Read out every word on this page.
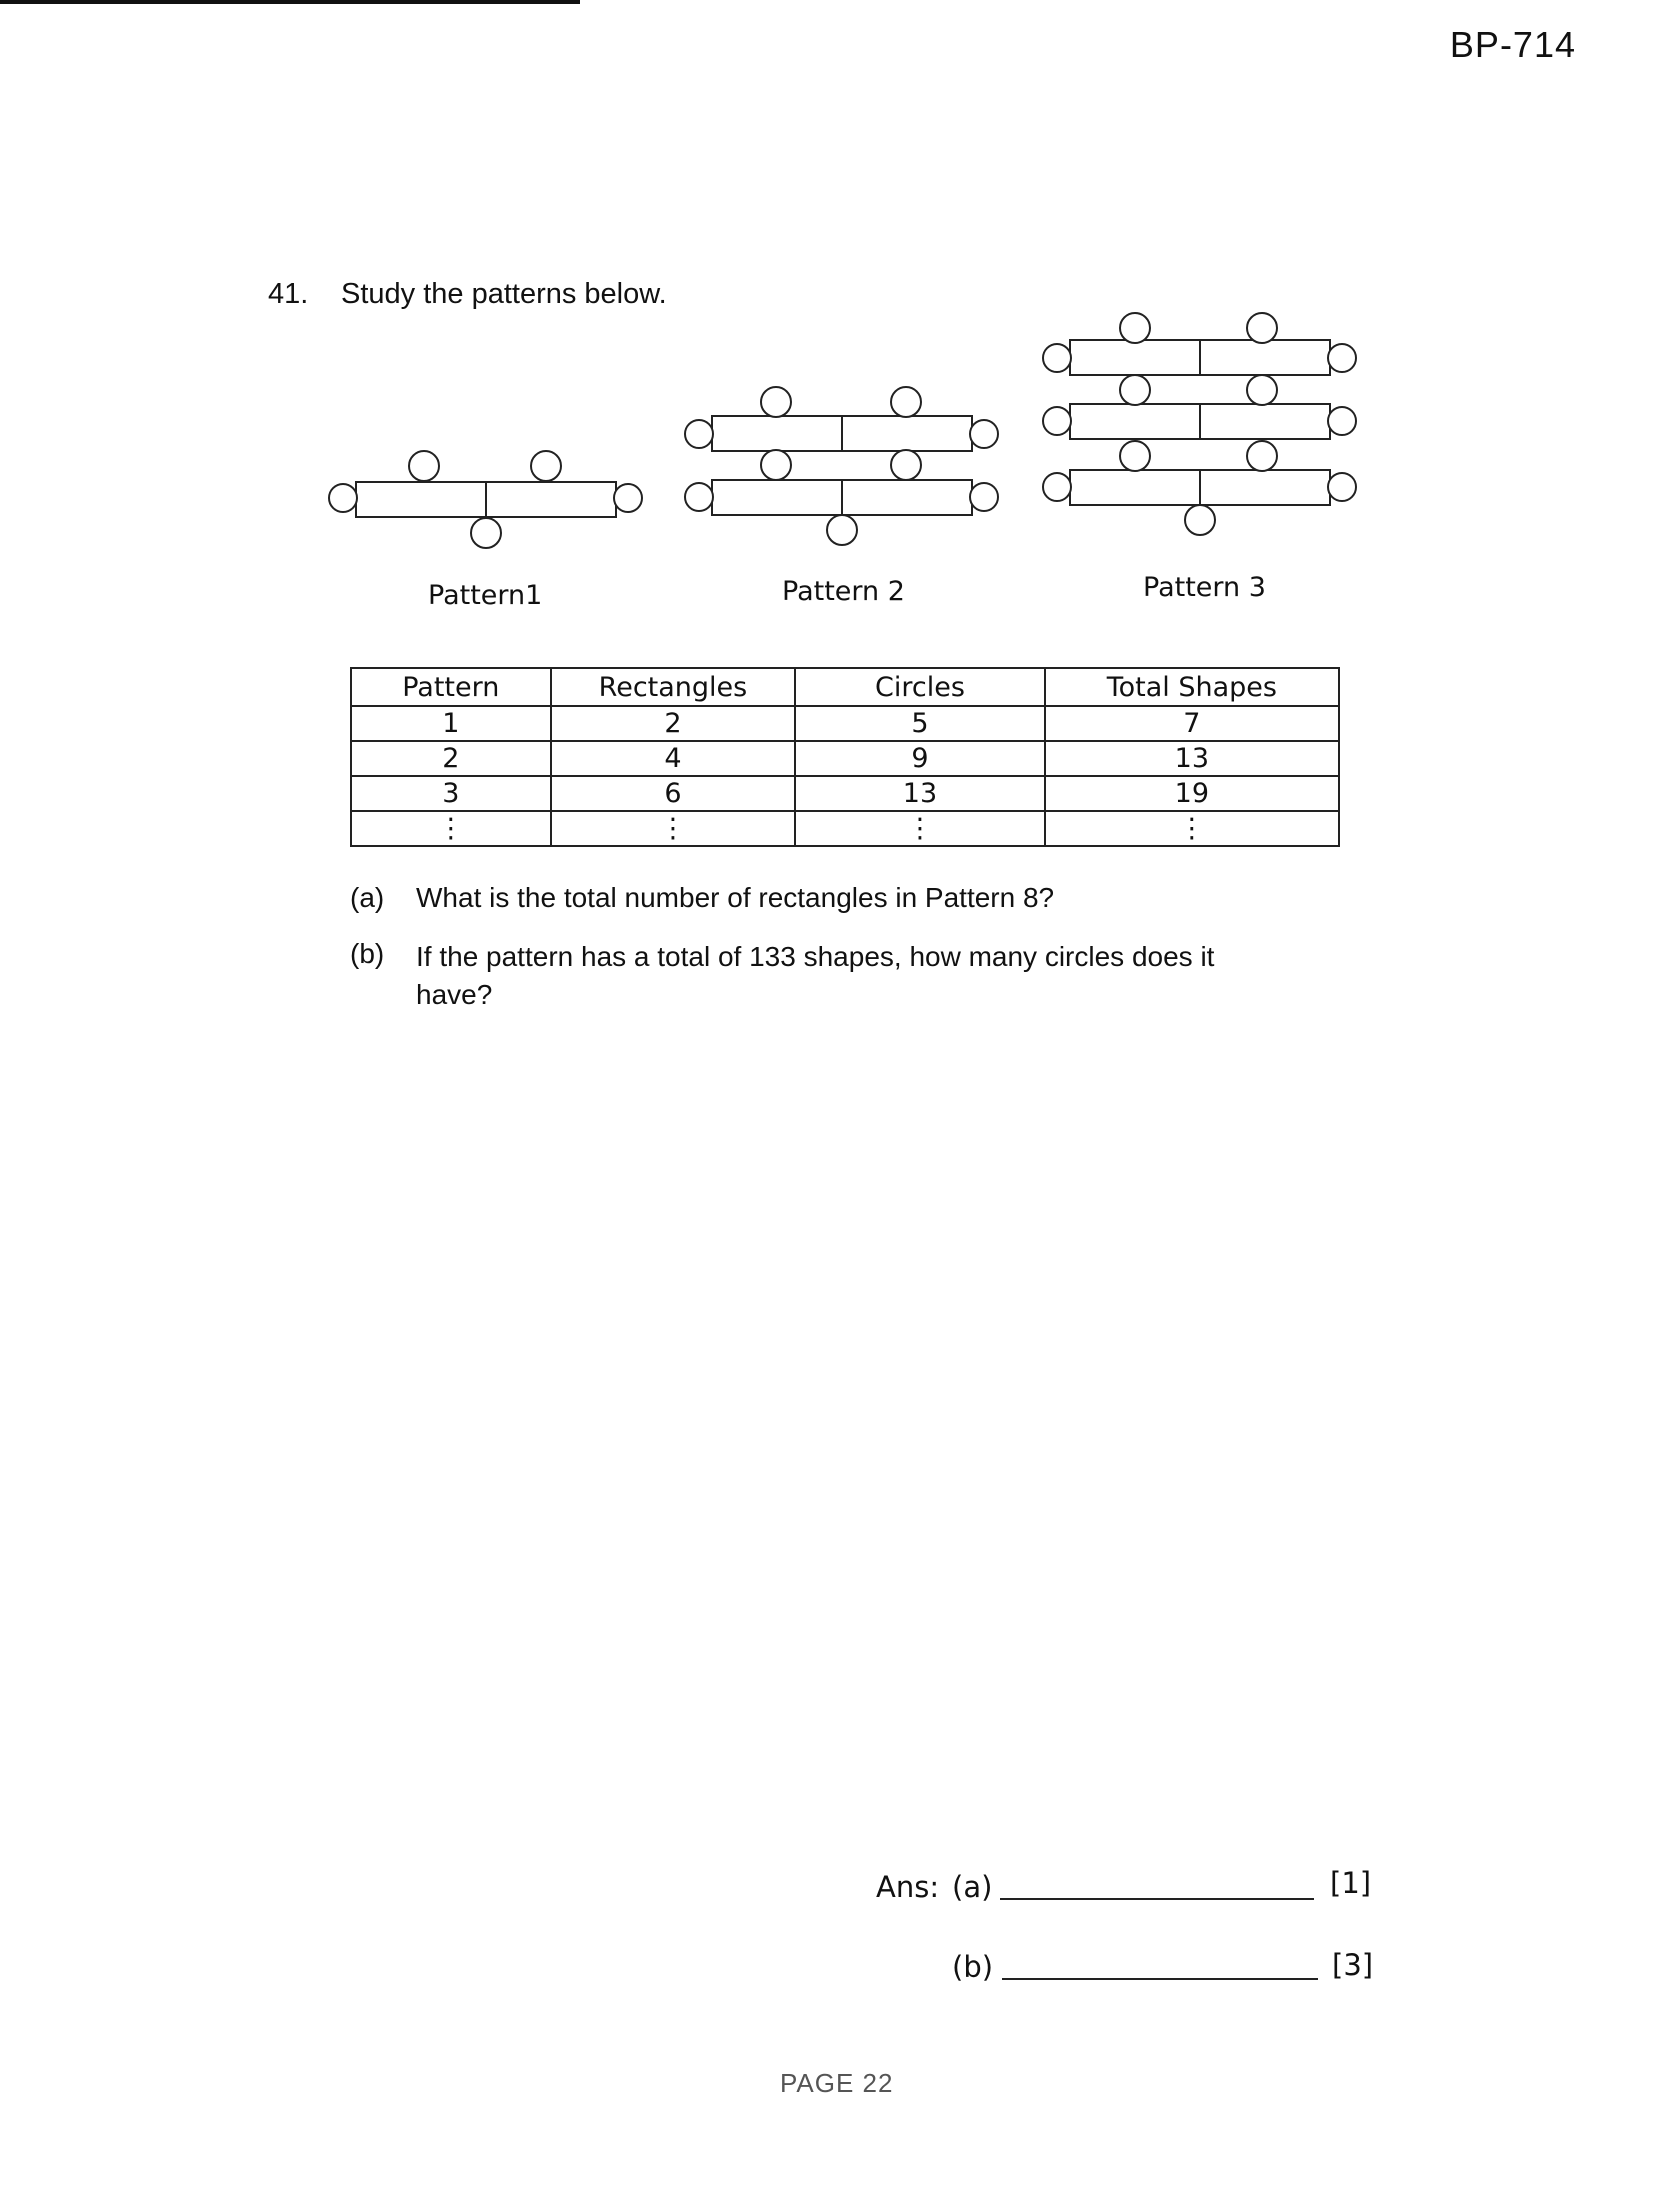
BP-714
41. Study the patterns below.
Pattern1	Pattern 2	Pattern 3
Pattern	Rectangles	Circles	Total Shapes
1	2	5	7
2	4	9	13
3	6	13	19
⋮	⋮	⋮	⋮
(a) What is the total number of rectangles in Pattern 8?
(b) If the pattern has a total of 133 shapes, how many circles does it have?
Ans: (a)	[1]
(b)	[3]
PAGE 22
